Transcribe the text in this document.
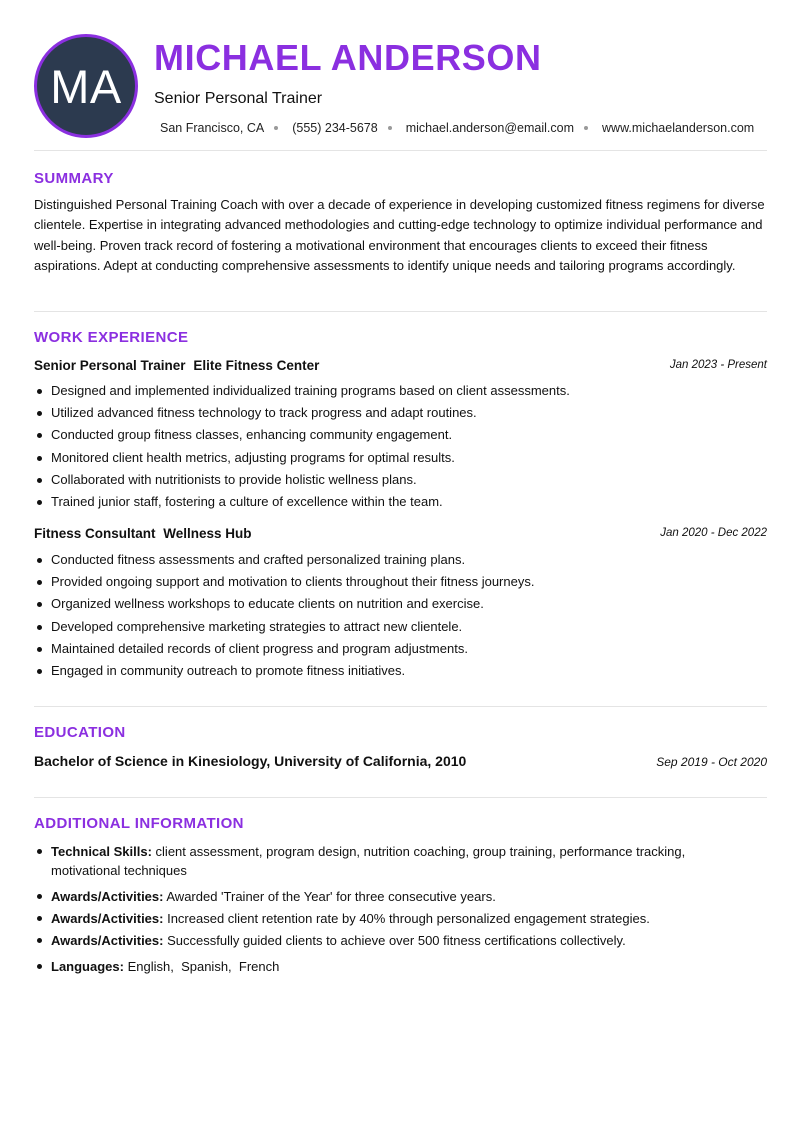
MA
MICHAEL ANDERSON
Senior Personal Trainer
San Francisco, CA (555) 234-5678 michael.anderson@email.com www.michaelanderson.com
SUMMARY

Distinguished Personal Training Coach with over a decade of experience in developing customized fitness regimens for diverse clientele. Expertise in integrating advanced methodologies and cutting-edge technology to optimize individual performance and well-being. Proven track record of fostering a motivational environment that encourages clients to exceed their fitness aspirations. Adept at conducting comprehensive assessments to identify unique needs and tailoring programs accordingly.

WORK EXPERIENCE
Senior Personal Trainer Elite Fitness Center	Jan 2023 - Present
Designed and implemented individualized training programs based on client assessments.
Utilized advanced fitness technology to track progress and adapt routines.
Conducted group fitness classes, enhancing community engagement.
Monitored client health metrics, adjusting programs for optimal results.
Collaborated with nutritionists to provide holistic wellness plans.
Trained junior staff, fostering a culture of excellence within the team.
Fitness Consultant Wellness Hub	Jan 2020 - Dec 2022
Conducted fitness assessments and crafted personalized training plans.
Provided ongoing support and motivation to clients throughout their fitness journeys.
Organized wellness workshops to educate clients on nutrition and exercise.
Developed comprehensive marketing strategies to attract new clientele.
Maintained detailed records of client progress and program adjustments.
Engaged in community outreach to promote fitness initiatives.
EDUCATION
Bachelor of Science in Kinesiology, University of California, 2010	Sep 2019 - Oct 2020
ADDITIONAL INFORMATION
Technical Skills: client assessment, program design, nutrition coaching, group training, performance tracking, motivational techniques
Awards/Activities: Awarded 'Trainer of the Year' for three consecutive years.
Awards/Activities: Increased client retention rate by 40% through personalized engagement strategies.
Awards/Activities: Successfully guided clients to achieve over 500 fitness certifications collectively.
Languages: English,  Spanish,  French
